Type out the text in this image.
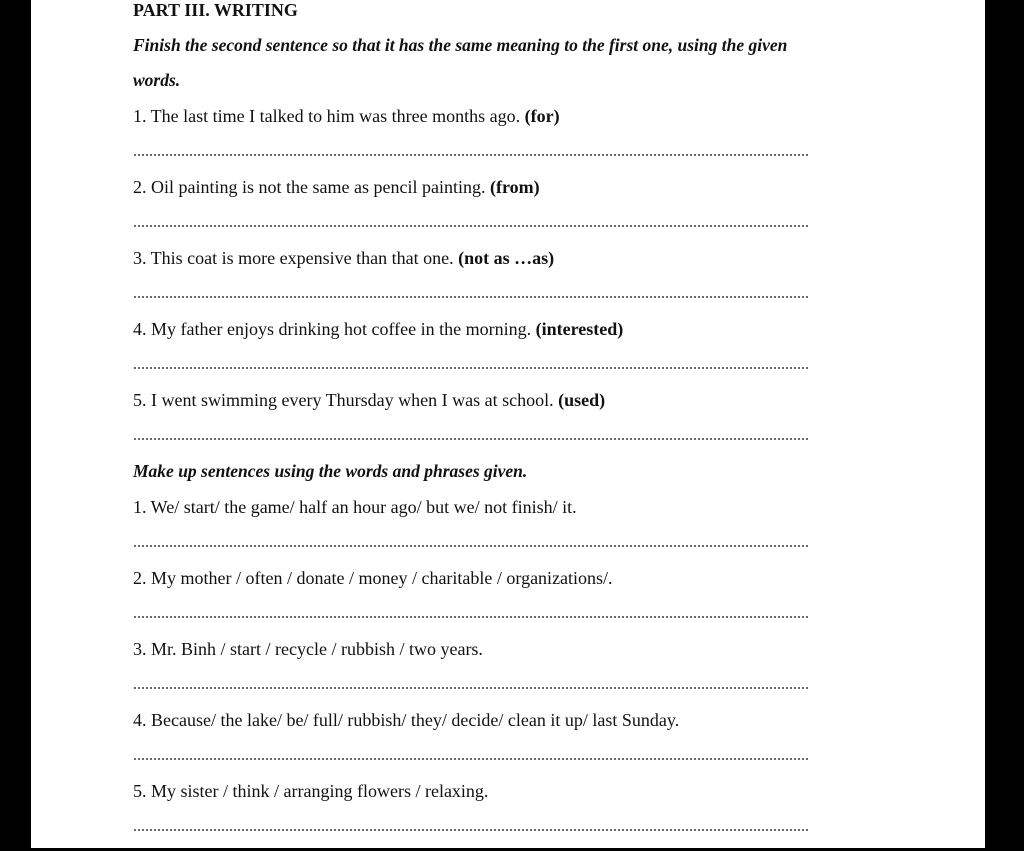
PART III. WRITING
Finish the second sentence so that it has the same meaning to the first one, using the given
words.
1. The last time I talked to him was three months ago. (for)
2. Oil painting is not the same as pencil painting. (from)
3. This coat is more expensive than that one. (not as …as)
4. My father enjoys drinking hot coffee in the morning. (interested)
5. I went swimming every Thursday when I was at school. (used)
Make up sentences using the words and phrases given.
1. We/ start/ the game/ half an hour ago/ but we/ not finish/ it.
2. My mother / often / donate / money / charitable / organizations/.
3. Mr. Binh / start / recycle / rubbish / two years.
4. Because/ the lake/ be/ full/ rubbish/ they/ decide/ clean it up/ last Sunday.
5. My sister / think / arranging flowers / relaxing.
